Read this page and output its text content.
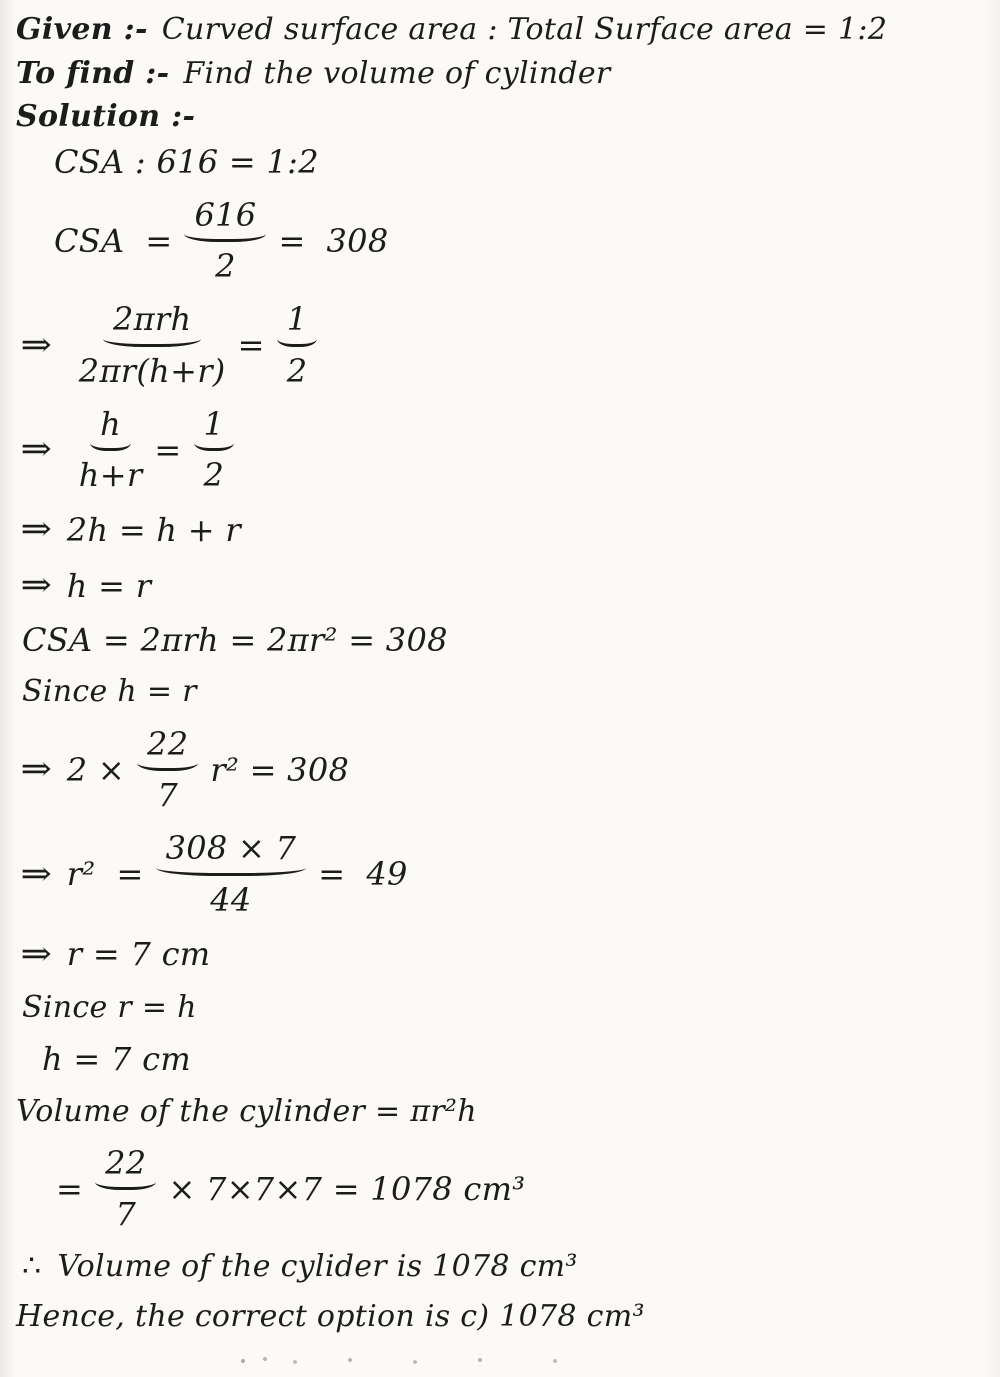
Given :- Curved surface area : Total Surface area = 1:2
To find :- Find the volume of cylinder
Solution :-
CSA : 616 = 1:2
CSA  = $\frac{616}{2} = 308$
⇒ $\frac{\text{2πrh}}{2\pi r(h+r)} = \frac{1}{2}$
⇒ $\frac{h}{h+r} = \frac{1}{2}$
⇒ 2h = h + r
⇒ h = r
CSA = 2πrh = 2πr² = 308
Since h = r
⇒ $2 \times \frac{22}{7} r^2 = 308$
⇒ $r^2 = \frac{308 \times 7}{44} = 49$
⇒ r = 7 cm
Since r = h
h = 7 cm
Volume of the cylinder = πr²h
= $\frac{22}{7} \times 7\times 7\times 7 = 1078$ cm³
∴ Volume of the cylider is 1078 cm³
Hence, the correct option is c) 1078 cm³
